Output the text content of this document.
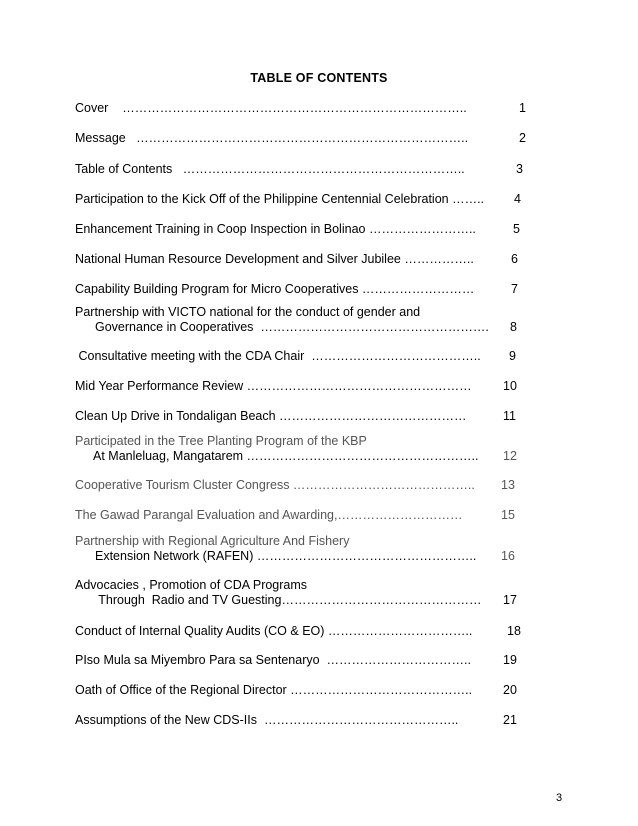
TABLE OF CONTENTS
Cover    ………………………………………………………………………..	1
Message   ……………………………………………………………………..	2
Table of Contents   …………………………………………………………..	3
Participation to the Kick Off of the Philippine Centennial Celebration …….. 4
Enhancement Training in Coop Inspection in Bolinao ……………………..	5
National Human Resource Development and Silver Jubilee ……………..	6
Capability Building Program for Micro Cooperatives ………………………	7
Partnership with VICTO national for the conduct of gender and
Governance in Cooperatives  ………………………………………………. 8
Consultative meeting with the CDA Chair  ………………………………….. 9
Mid Year Performance Review ………………………………………………	10
Clean Up Drive in Tondaligan Beach ………………………………………	11
Participated in the Tree Planting Program of the KBP
At Manleluag, Mangatarem ……………………………………………….. 12
Cooperative Tourism Cluster Congress …………………………………….. 13
The Gawad Parangal Evaluation and Awarding,…………………………	15
Partnership with Regional Agriculture And Fishery
Extension Network (RAFEN) …………………………………………….. 16
Advocacies , Promotion of CDA Programs
Through  Radio and TV Guesting………………………………………… 17
Conduct of Internal Quality Audits (CO & EO) ……………………………..	18
PIso Mula sa Miyembro Para sa Sentenaryo  ……………………………..	19
Oath of Office of the Regional Director …………………………………….. 20
Assumptions of the New CDS-IIs  ………………………………………..	21
3
